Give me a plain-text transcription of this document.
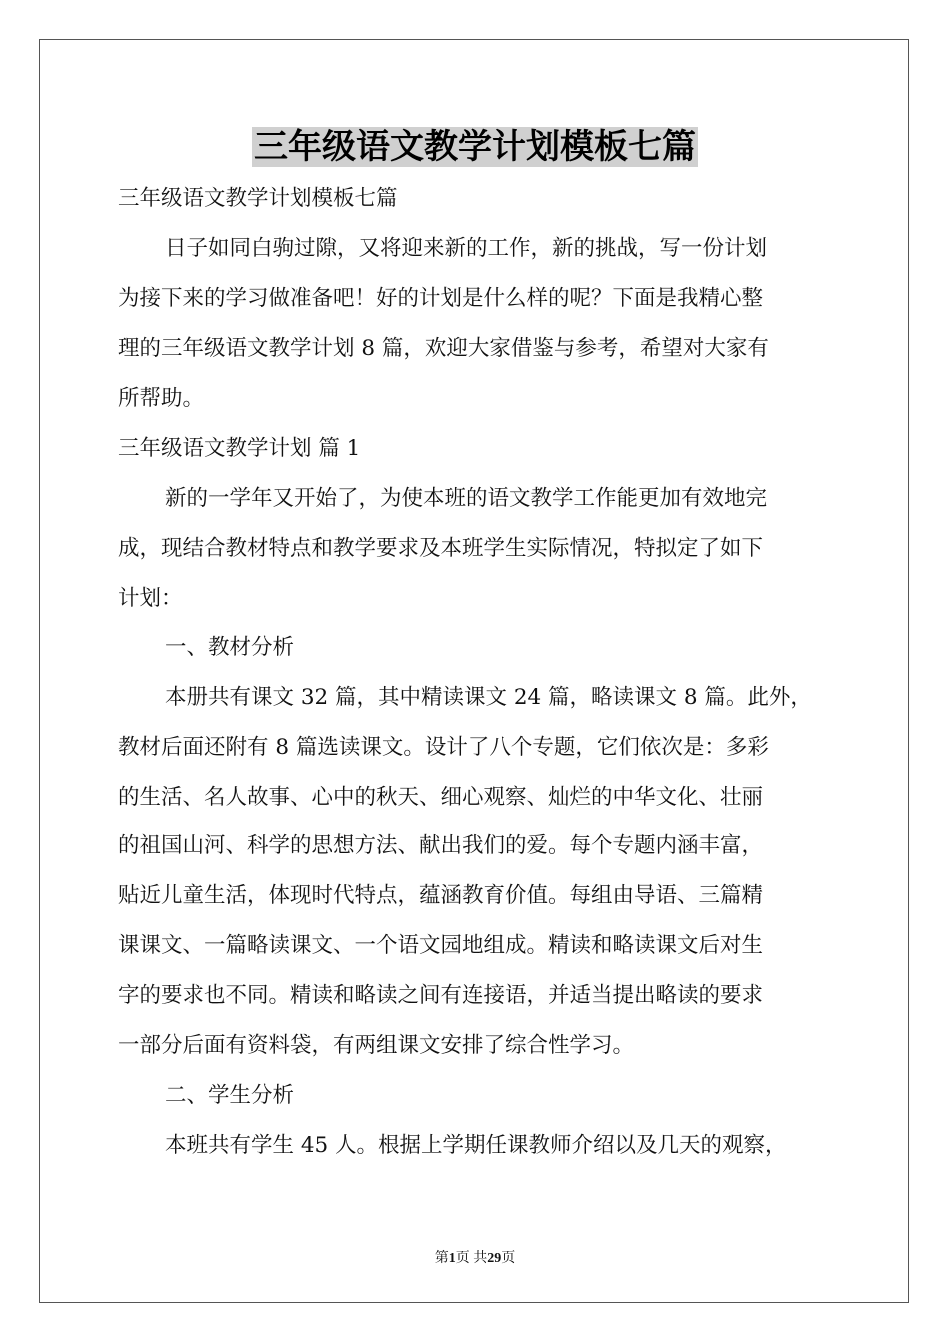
三年级语文教学计划模板七篇
三年级语文教学计划模板七篇
日子如同白驹过隙，又将迎来新的工作，新的挑战，写一份计划
为接下来的学习做准备吧！好的计划是什么样的呢？下面是我精心整
理的三年级语文教学计划 8 篇，欢迎大家借鉴与参考，希望对大家有
所帮助。
三年级语文教学计划 篇 1
新的一学年又开始了，为使本班的语文教学工作能更加有效地完
成，现结合教材特点和教学要求及本班学生实际情况，特拟定了如下
计划：
一、教材分析
本册共有课文 32 篇，其中精读课文 24 篇，略读课文 8 篇。此外，
教材后面还附有 8 篇选读课文。设计了八个专题，它们依次是：多彩
的生活、名人故事、心中的秋天、细心观察、灿烂的中华文化、壮丽
的祖国山河、科学的思想方法、献出我们的爱。每个专题内涵丰富，
贴近儿童生活，体现时代特点，蕴涵教育价值。每组由导语、三篇精
课课文、一篇略读课文、一个语文园地组成。精读和略读课文后对生
字的要求也不同。精读和略读之间有连接语，并适当提出略读的要求
一部分后面有资料袋，有两组课文安排了综合性学习。
二、学生分析
本班共有学生 45 人。根据上学期任课教师介绍以及几天的观察，
第1页 共29页
